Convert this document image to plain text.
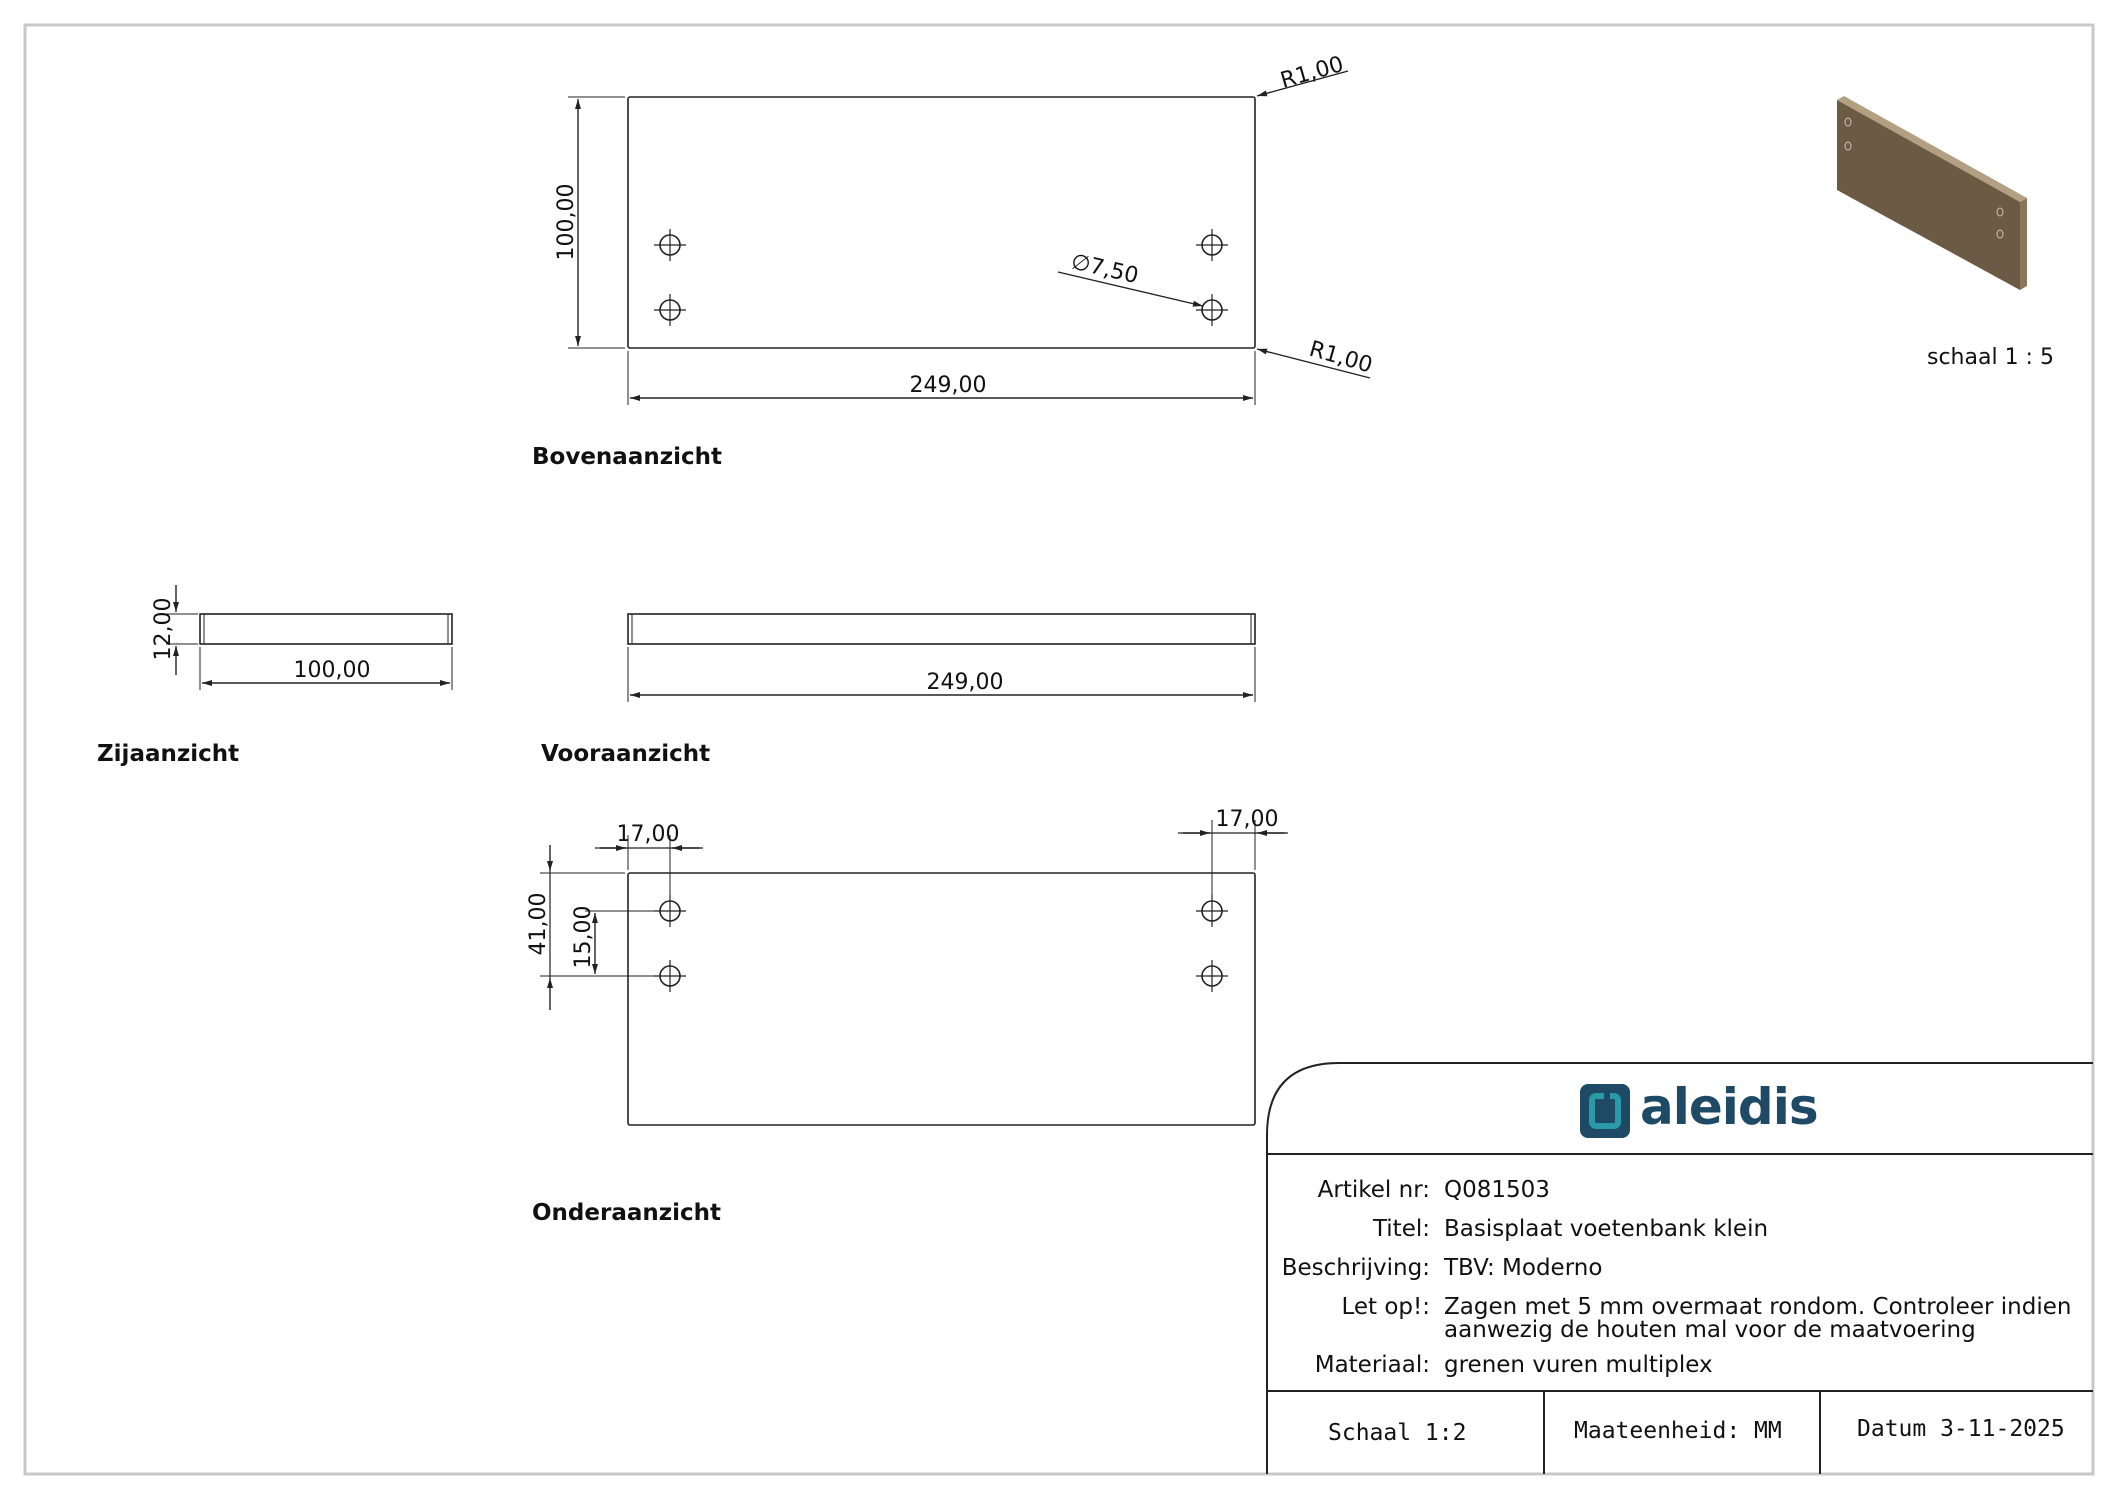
100,00
249,00
R1,00
R1,00
∅7,50
12,00
100,00	249,00
17,00
17,00
41,00 15,00
Bovenaanzicht
Zijaanzicht	Vooraanzicht
Onderaanzicht
schaal 1 : 5
aleidis
Artikel nr: Q081503
Titel: Basisplaat voetenbank klein
Beschrijving: TBV: Moderno
Let op!: Zagen met 5 mm overmaat rondom. Controleer indien
aanwezig de houten mal voor de maatvoering
Materiaal: grenen vuren multiplex
Schaal 1:2	Maateenheid: MM	Datum 3-11-2025
